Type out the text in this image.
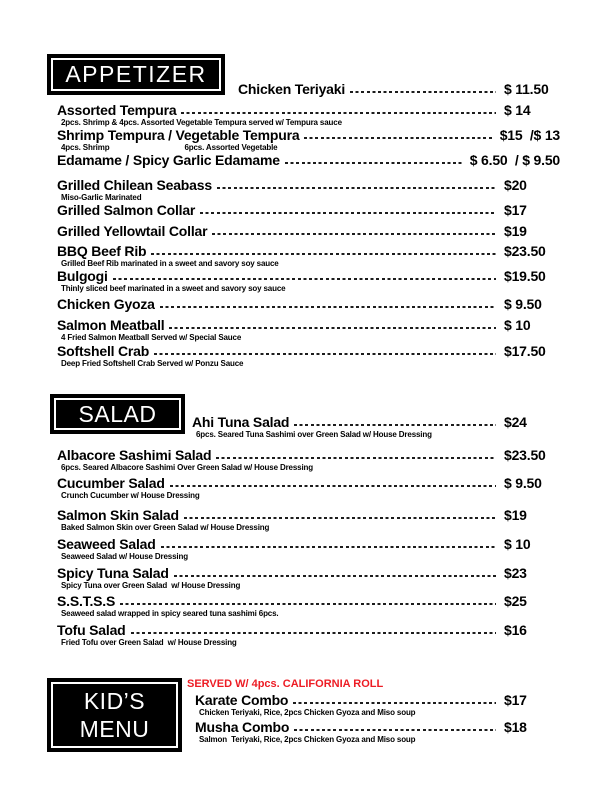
APPETIZER
SALAD
KID’S
MENU
Chicken Teriyaki	$ 11.50
Assorted Tempura	$ 14
2pcs. Shrimp & 4pcs. Assorted Vegetable Tempura served w/ Tempura sauce
Shrimp Tempura / Vegetable Tempura	$15  /$ 13
4pcs. Shrimp	6pcs. Assorted Vegetable
Edamame / Spicy Garlic Edamame	$ 6.50  / $ 9.50
Grilled Chilean Seabass	$20
Miso-Garlic Marinated
Grilled Salmon Collar	$17
Grilled Yellowtail Collar	$19
BBQ Beef Rib	$23.50
Grilled Beef Rib marinated in a sweet and savory soy sauce
Bulgogi	$19.50
Thinly sliced beef marinated in a sweet and savory soy sauce
Chicken Gyoza	$ 9.50
Salmon Meatball	$ 10
4 Fried Salmon Meatball Served w/ Special Sauce
Softshell Crab	$17.50
Deep Fried Softshell Crab Served w/ Ponzu Sauce
Ahi Tuna Salad	$24
6pcs. Seared Tuna Sashimi over Green Salad w/ House Dressing
Albacore Sashimi Salad	$23.50
6pcs. Seared Albacore Sashimi Over Green Salad w/ House Dressing
Cucumber Salad	$ 9.50
Crunch Cucumber w/ House Dressing
Salmon Skin Salad	$19
Baked Salmon Skin over Green Salad w/ House Dressing
Seaweed Salad	$ 10
Seaweed Salad w/ House Dressing
Spicy Tuna Salad	$23
Spicy Tuna over Green Salad  w/ House Dressing
S.S.T.S.S	$25
Seaweed salad wrapped in spicy seared tuna sashimi 6pcs.
Tofu Salad	$16
Fried Tofu over Green Salad  w/ House Dressing
SERVED W/ 4pcs. CALIFORNIA ROLL
Karate Combo	$17
Chicken Teriyaki, Rice, 2pcs Chicken Gyoza and Miso soup
Musha Combo	$18
Salmon  Teriyaki, Rice, 2pcs Chicken Gyoza and Miso soup
